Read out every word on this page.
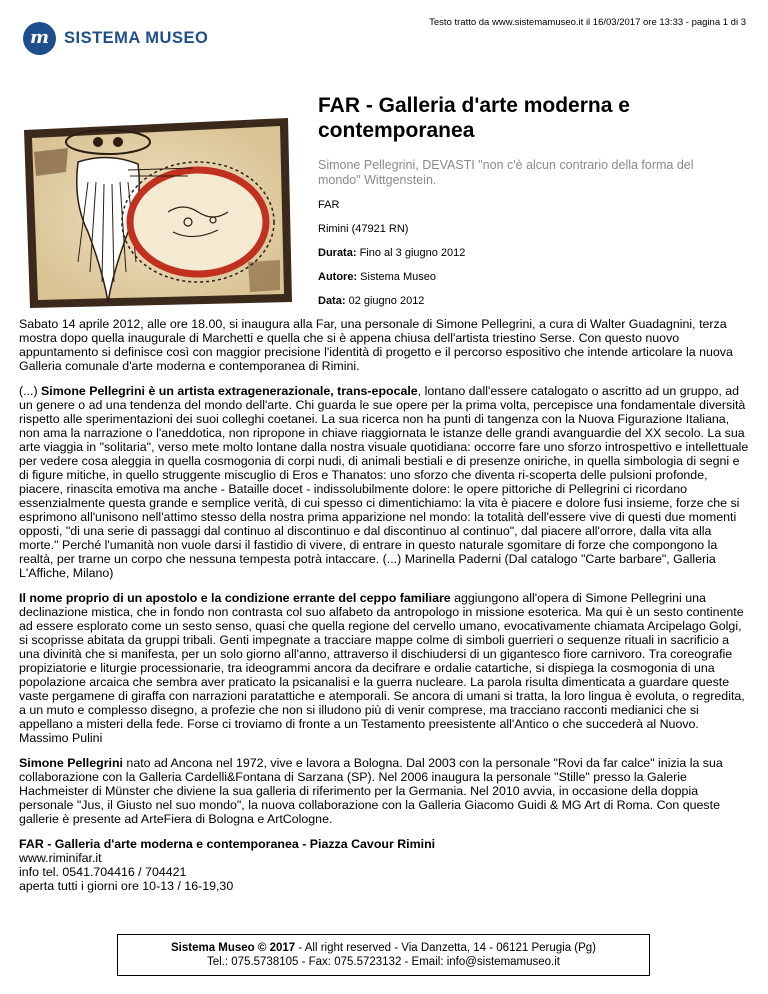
Testo tratto da www.sistemamuseo.it il 16/03/2017 ore 13:33 - pagina 1 di 3
m SISTEMA MUSEO
FAR - Galleria d'arte moderna e contemporanea
Simone Pellegrini, DEVASTI "non c'è alcun contrario della forma del mondo" Wittgenstein.
FAR
Rimini (47921 RN)
Durata: Fino al 3 giugno 2012
Autore: Sistema Museo
Data: 02 giugno 2012

Sabato 14 aprile 2012, alle ore 18.00, si inaugura alla Far, una personale di Simone Pellegrini, a cura di Walter Guadagnini, terza mostra dopo quella inaugurale di Marchetti e quella che si è appena chiusa dell'artista triestino Serse. Con questo nuovo appuntamento si definisce così con maggior precisione l'identità di progetto e il percorso espositivo che intende articolare la nuova Galleria comunale d'arte moderna e contemporanea di Rimini.

(...) Simone Pellegrini è un artista extragenerazionale, trans-epocale, lontano dall'essere catalogato o ascritto ad un gruppo, ad un genere o ad una tendenza del mondo dell'arte. Chi guarda le sue opere per la prima volta, percepisce una fondamentale diversità rispetto alle sperimentazioni dei suoi colleghi coetanei. La sua ricerca non ha punti di tangenza con la Nuova Figurazione Italiana, non ama la narrazione o l'aneddotica, non ripropone in chiave riaggiornata le istanze delle grandi avanguardie del XX secolo. La sua arte viaggia in "solitaria", verso mete molto lontane dalla nostra visuale quotidiana: occorre fare uno sforzo introspettivo e intellettuale per vedere cosa aleggia in quella cosmogonia di corpi nudi, di animali bestiali e di presenze oniriche, in quella simbologia di segni e di figure mitiche, in quello struggente miscuglio di Eros e Thanatos: uno sforzo che diventa ri-scoperta delle pulsioni profonde, piacere, rinascita emotiva ma anche - Bataille docet - indissolubilmente dolore: le opere pittoriche di Pellegrini ci ricordano essenzialmente questa grande e semplice verità, di cui spesso ci dimentichiamo: la vita è piacere e dolore fusi insieme, forze che si esprimono all'unisono nell'attimo stesso della nostra prima apparizione nel mondo: la totalità dell'essere vive di questi due momenti opposti, "di una serie di passaggi dal continuo al discontinuo e dal discontinuo al continuo", dal piacere all'orrore, dalla vita alla morte." Perché l'umanità non vuole darsi il fastidio di vivere, di entrare in questo naturale sgomitare di forze che compongono la realtà, per trarne un corpo che nessuna tempesta potrà intaccare. (...) Marinella Paderni (Dal catalogo "Carte barbare", Galleria L'Affiche, Milano)

Il nome proprio di un apostolo e la condizione errante del ceppo familiare aggiungono all'opera di Simone Pellegrini una declinazione mistica, che in fondo non contrasta col suo alfabeto da antropologo in missione esoterica. Ma qui è un sesto continente ad essere esplorato come un sesto senso, quasi che quella regione del cervello umano, evocativamente chiamata Arcipelago Golgi, si scoprisse abitata da gruppi tribali. Genti impegnate a tracciare mappe colme di simboli guerrieri o sequenze rituali in sacrificio a una divinità che si manifesta, per un solo giorno all'anno, attraverso il dischiudersi di un gigantesco fiore carnivoro. Tra coreografie propiziatorie e liturgie processionarie, tra ideogrammi ancora da decifrare e ordalie catartiche, si dispiega la cosmogonia di una popolazione arcaica che sembra aver praticato la psicanalisi e la guerra nucleare. La parola risulta dimenticata a guardare queste vaste pergamene di giraffa con narrazioni paratattiche e atemporali. Se ancora di umani si tratta, la loro lingua è evoluta, o regredita, a un muto e complesso disegno, a profezie che non si illudono più di venir comprese, ma tracciano racconti medianici che si appellano a misteri della fede. Forse ci troviamo di fronte a un Testamento preesistente all'Antico o che succederà al Nuovo. Massimo Pulini

Simone Pellegrini nato ad Ancona nel 1972, vive e lavora a Bologna. Dal 2003 con la personale "Rovi da far calce" inizia la sua collaborazione con la Galleria Cardelli&Fontana di Sarzana (SP). Nel 2006 inaugura la personale "Stille" presso la Galerie Hachmeister di Münster che diviene la sua galleria di riferimento per la Germania. Nel 2010 avvia, in occasione della doppia personale "Jus, il Giusto nel suo mondo", la nuova collaborazione con la Galleria Giacomo Guidi & MG Art di Roma. Con queste gallerie è presente ad ArteFiera di Bologna e ArtCologne.

FAR - Galleria d'arte moderna e contemporanea - Piazza Cavour Rimini
www.riminifar.it
info tel. 0541.704416 / 704421
aperta tutti i giorni ore 10-13 / 16-19,30
Sistema Museo © 2017 - All right reserved - Via Danzetta, 14 - 06121 Perugia (Pg)
Tel.: 075.5738105 - Fax: 075.5723132 - Email: info@sistemamuseo.it
